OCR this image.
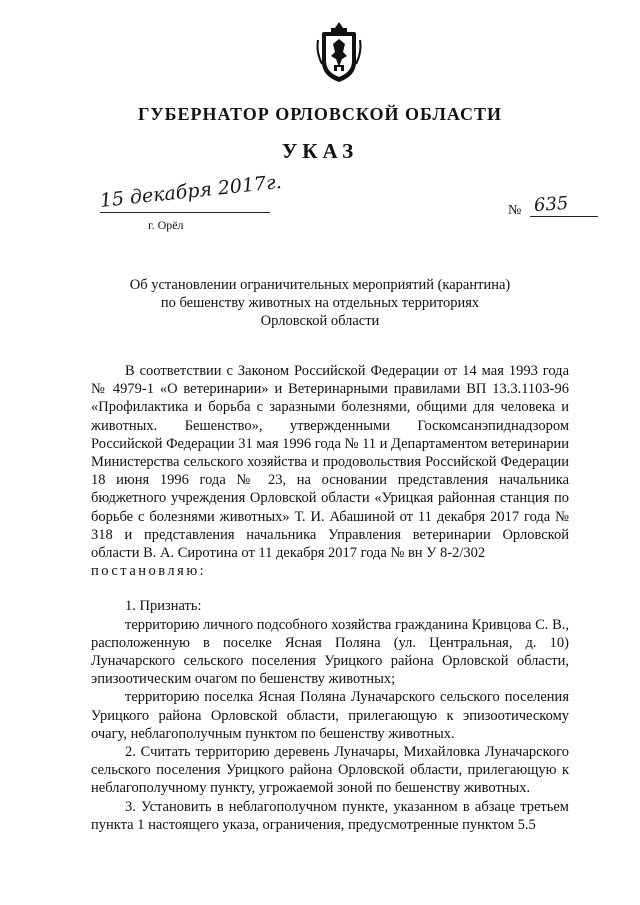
ГУБЕРНАТОР ОРЛОВСКОЙ ОБЛАСТИ
УКАЗ
15 декабря 2017г.
г. Орёл
№ 635
Об установлении ограничительных мероприятий (карантина)
по бешенству животных на отдельных территориях
Орловской области

В соответствии с Законом Российской Федерации от 14 мая 1993 года № 4979-1 «О ветеринарии» и Ветеринарными правилами ВП 13.3.1103-96 «Профилактика и борьба с заразными болезнями, общими для человека и животных. Бешенство», утвержденными Госкомсанэпиднадзором Российской Федерации 31 мая 1996 года № 11 и Департаментом ветеринарии Министерства сельского хозяйства и продовольствия Российской Федерации 18 июня 1996 года № 23, на основании представления начальника бюджетного учреждения Орловской области «Урицкая районная станция по борьбе с болезнями животных» Т. И. Абашиной от 11 декабря 2017 года № 318 и представления начальника Управления ветеринарии Орловской области В. А. Сиротина от 11 декабря 2017 года № вн У 8-2/302

постановляю:

1. Признать:

территорию личного подсобного хозяйства гражданина Кривцова С. В., расположенную в поселке Ясная Поляна (ул. Центральная, д. 10) Луначарского сельского поселения Урицкого района Орловской области, эпизоотическим очагом по бешенству животных;

территорию поселка Ясная Поляна Луначарского сельского поселения Урицкого района Орловской области, прилегающую к эпизоотическому очагу, неблагополучным пунктом по бешенству животных.

2. Считать территорию деревень Луначары, Михайловка Луначарского сельского поселения Урицкого района Орловской области, прилегающую к неблагополучному пункту, угрожаемой зоной по бешенству животных.

3. Установить в неблагополучном пункте, указанном в абзаце третьем пункта 1 настоящего указа, ограничения, предусмотренные пунктом 5.5
